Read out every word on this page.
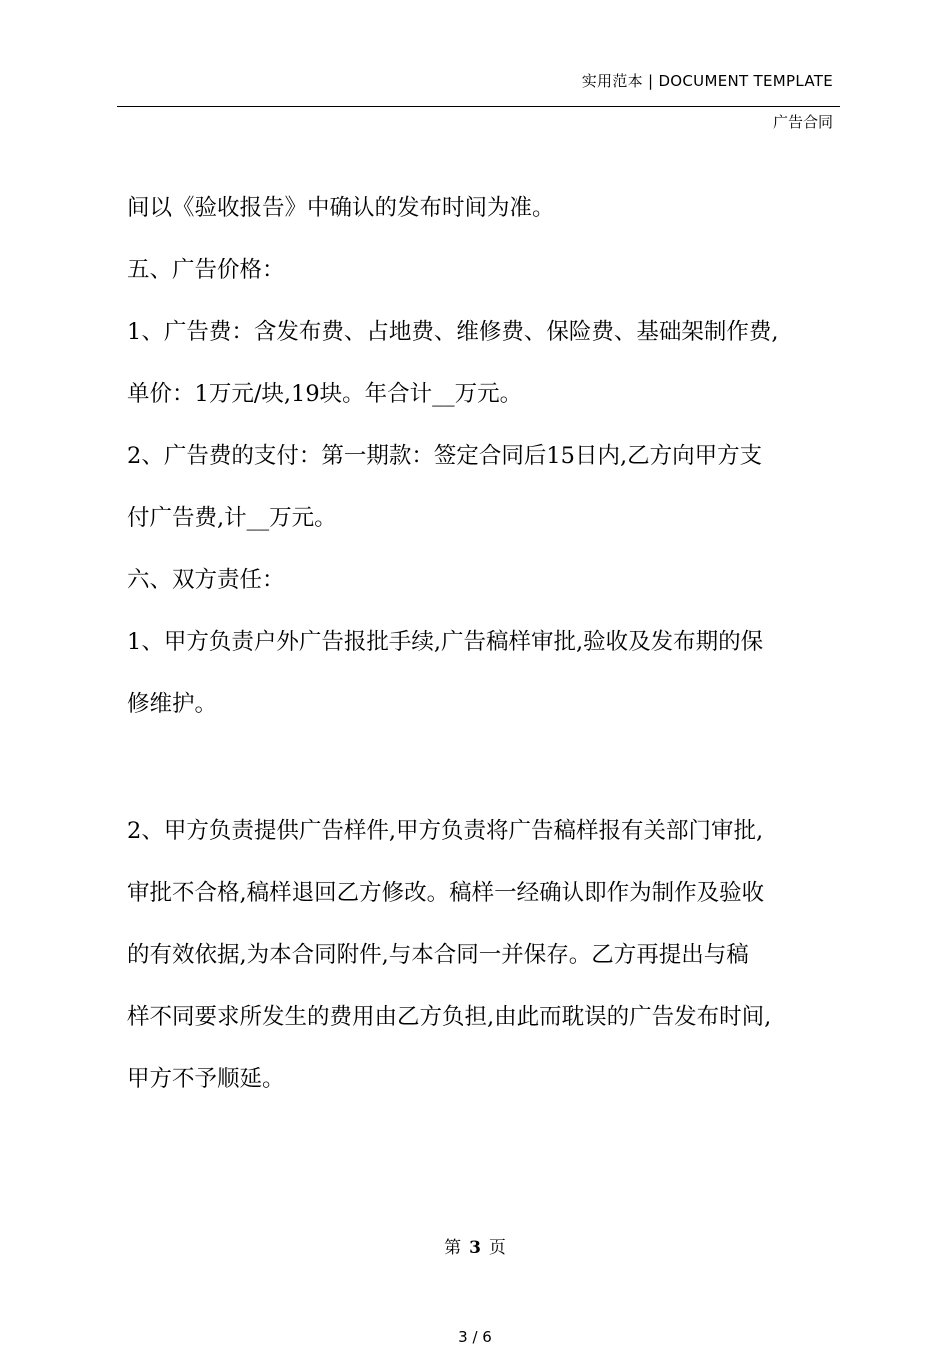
实用范本 | DOCUMENT TEMPLATE
广告合同
间以《验收报告》中确认的发布时间为准。
五、广告价格：
1、广告费：含发布费、占地费、维修费、保险费、基础架制作费,
单价：1万元/块,19块。年合计__万元。
2、广告费的支付：第一期款：签定合同后15日内,乙方向甲方支
付广告费,计__万元。
六、双方责任：
1、甲方负责户外广告报批手续,广告稿样审批,验收及发布期的保
修维护。
2、甲方负责提供广告样件,甲方负责将广告稿样报有关部门审批,
审批不合格,稿样退回乙方修改。稿样一经确认即作为制作及验收
的有效依据,为本合同附件,与本合同一并保存。乙方再提出与稿
样不同要求所发生的费用由乙方负担,由此而耽误的广告发布时间,
甲方不予顺延。
第 3 页
3 / 6
